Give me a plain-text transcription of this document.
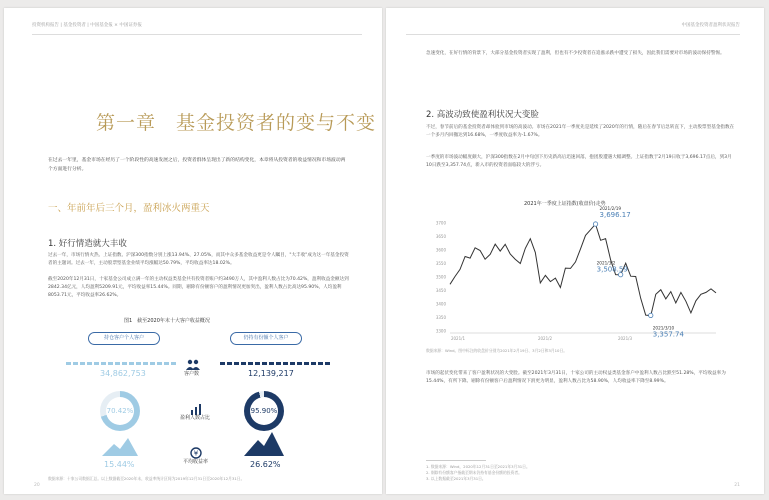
投资机构报告 | 基金投资者 | 中国基金报 × 中国证券报
第一章　基金投资者的变与不变
在过去一年里，基金市场在经历了一个阶段性的高速发展之后，投资者群体呈现出了新的结构变化，本章将从投资者的收益情况和市场波动两个方面进行分析。
一、年前年后三个月，盈利冰火两重天
1. 好行情造就大丰收
过去一年，市场行情火热。上证指数、沪深300指数分别上涨13.94%、27.05%，而其中众多基金收益更是令人瞩目，"大丰收"成为这一年基金投资者的主题词。过去一年，主动股票型基金业绩平均涨幅达50.79%，平均收益率达18.02%。
截至2020年12月31日，十家基金公司成立满一年的主动权益类基金共有投资者账户约3490万人，其中盈利人数占比为70.42%，盈利收益金额达到2842.34亿元，人均盈利5209.91元，平均收益率15.44%。同期，剔除有份额客户的盈利情况更加突出，盈利人数占比高达95.90%，人均盈利8053.71元，平均收益率26.62%。
图1　截至2020年末十大客户收益概况
持仓客户个人客户	仍持有份额个人客户
34,862,753	客户数	12,139,217
70.42%
盈利人数占比
95.90%
15.44%
¥
平均收益率	26.62%
数据来源：十家公司数据汇总。以上数据截至2020年末，收益率统计区间为2019年12月31日至2020年12月31日。
20
中国基金投资者盈利状况报告
急速变化，在好行情的背景下，大部分基金投资者实现了盈利，但也有不少投资者在追涨杀跌中遭受了损失，因此我们需要对市场的波动保持警惕。
2. 高波动致使盈利状况大变脸
不过，春节前后的基金投资者却体验到市场的高波动。市场在2021年一季度先是延续了2020年的行情，随后在春节后急转直下，主动股票型基金指数在一个多月内回撤达到16.68%，一季度收益率为-1.67%。
一季度的市场波动幅度颇大，沪深300指数在2月中旬创下历史新高后迅速回落，抱团股遭遇大幅调整。上证指数于2月19日收于3,696.17点后，到3月10日跌至3,357.74点，新入市的投资者面临较大的浮亏。
2021年一季度上证指数(收盘价)走势
3300
3350
3400
3450
3500
3550
3600
3650
3700
2021/1	2021/2	2021/3
2021/2/19
3,696.17
2021/3/2
3,508.59
2021/3/10
3,357.74
数据来源：Wind。图中标注的收盘价分别为2021年2月19日、3月2日和3月10日。
市场的起伏变化带来了客户盈利状况的大变脸。截至2021年3月31日，十家公司的主动权益类基金客户中盈利人数占比跌至51.28%，平均收益率为15.44%，有所下降。剔除有份额客户后盈利情况下滑更为明显，盈利人数占比为58.90%，人均收益率下降至8.99%。
1. 数据来源：Wind，2020年12月31日至2021年3月31日。
2. 剔除有份额客户指截至期末仍持有基金份额的投资者。
3. 以上数据截至2021年3月31日。
21
